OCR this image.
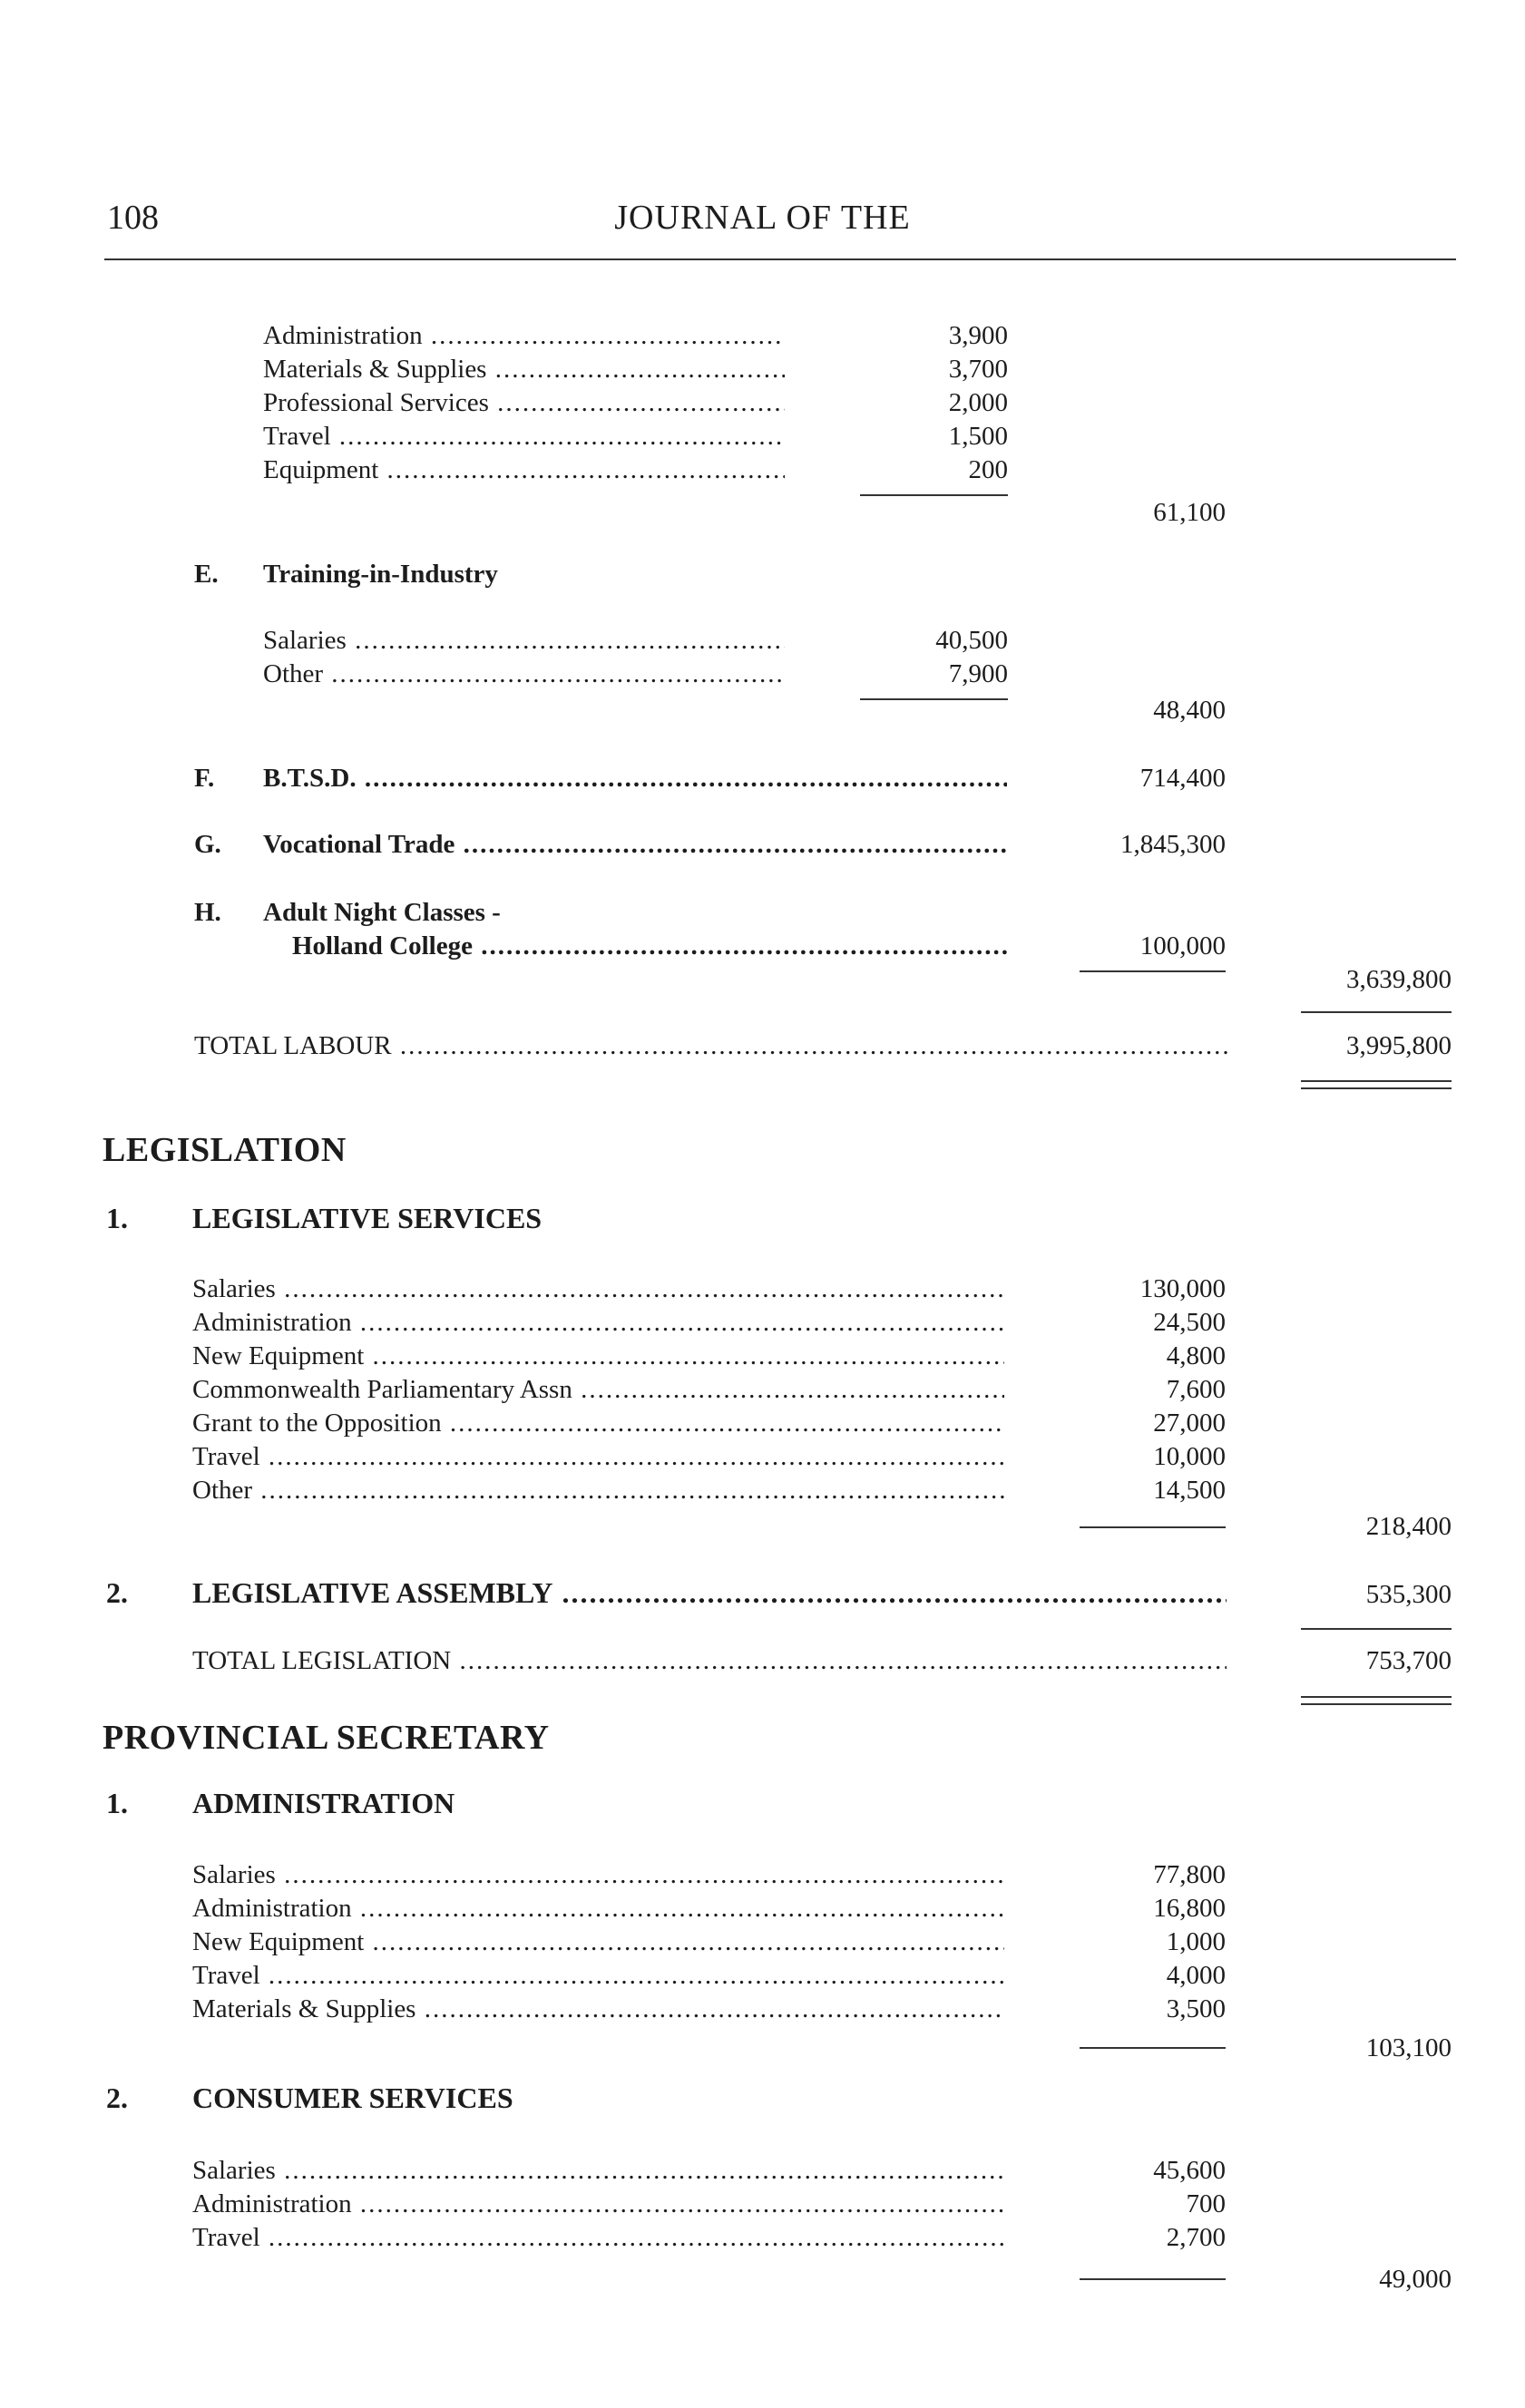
108	JOURNAL OF THE
Administration .....	3,900
Materials & Supplies .....	3,700
Professional Services .....	2,000
Travel .....	1,500
Equipment .....	200
61,100
E. Training-in-Industry
Salaries .....	40,500
Other .....	7,900
48,400
F. B.T.S.D. .....	714,400
G. Vocational Trade .....	1,845,300
H. Adult Night Classes -
Holland College .....	100,000
3,639,800
TOTAL LABOUR .....	3,995,800
LEGISLATION
1. LEGISLATIVE SERVICES
Salaries .....	130,000
Administration .....	24,500
New Equipment .....	4,800
Commonwealth Parliamentary Assn .....	7,600
Grant to the Opposition .....	27,000
Travel .....	10,000
Other .....	14,500
218,400
2. LEGISLATIVE ASSEMBLY .....	535,300
TOTAL LEGISLATION .....	753,700
PROVINCIAL SECRETARY
1. ADMINISTRATION
Salaries .....	77,800
Administration .....	16,800
New Equipment .....	1,000
Travel .....	4,000
Materials & Supplies .....	3,500
103,100
2. CONSUMER SERVICES
Salaries .....	45,600
Administration .....	700
Travel .....	2,700
49,000
